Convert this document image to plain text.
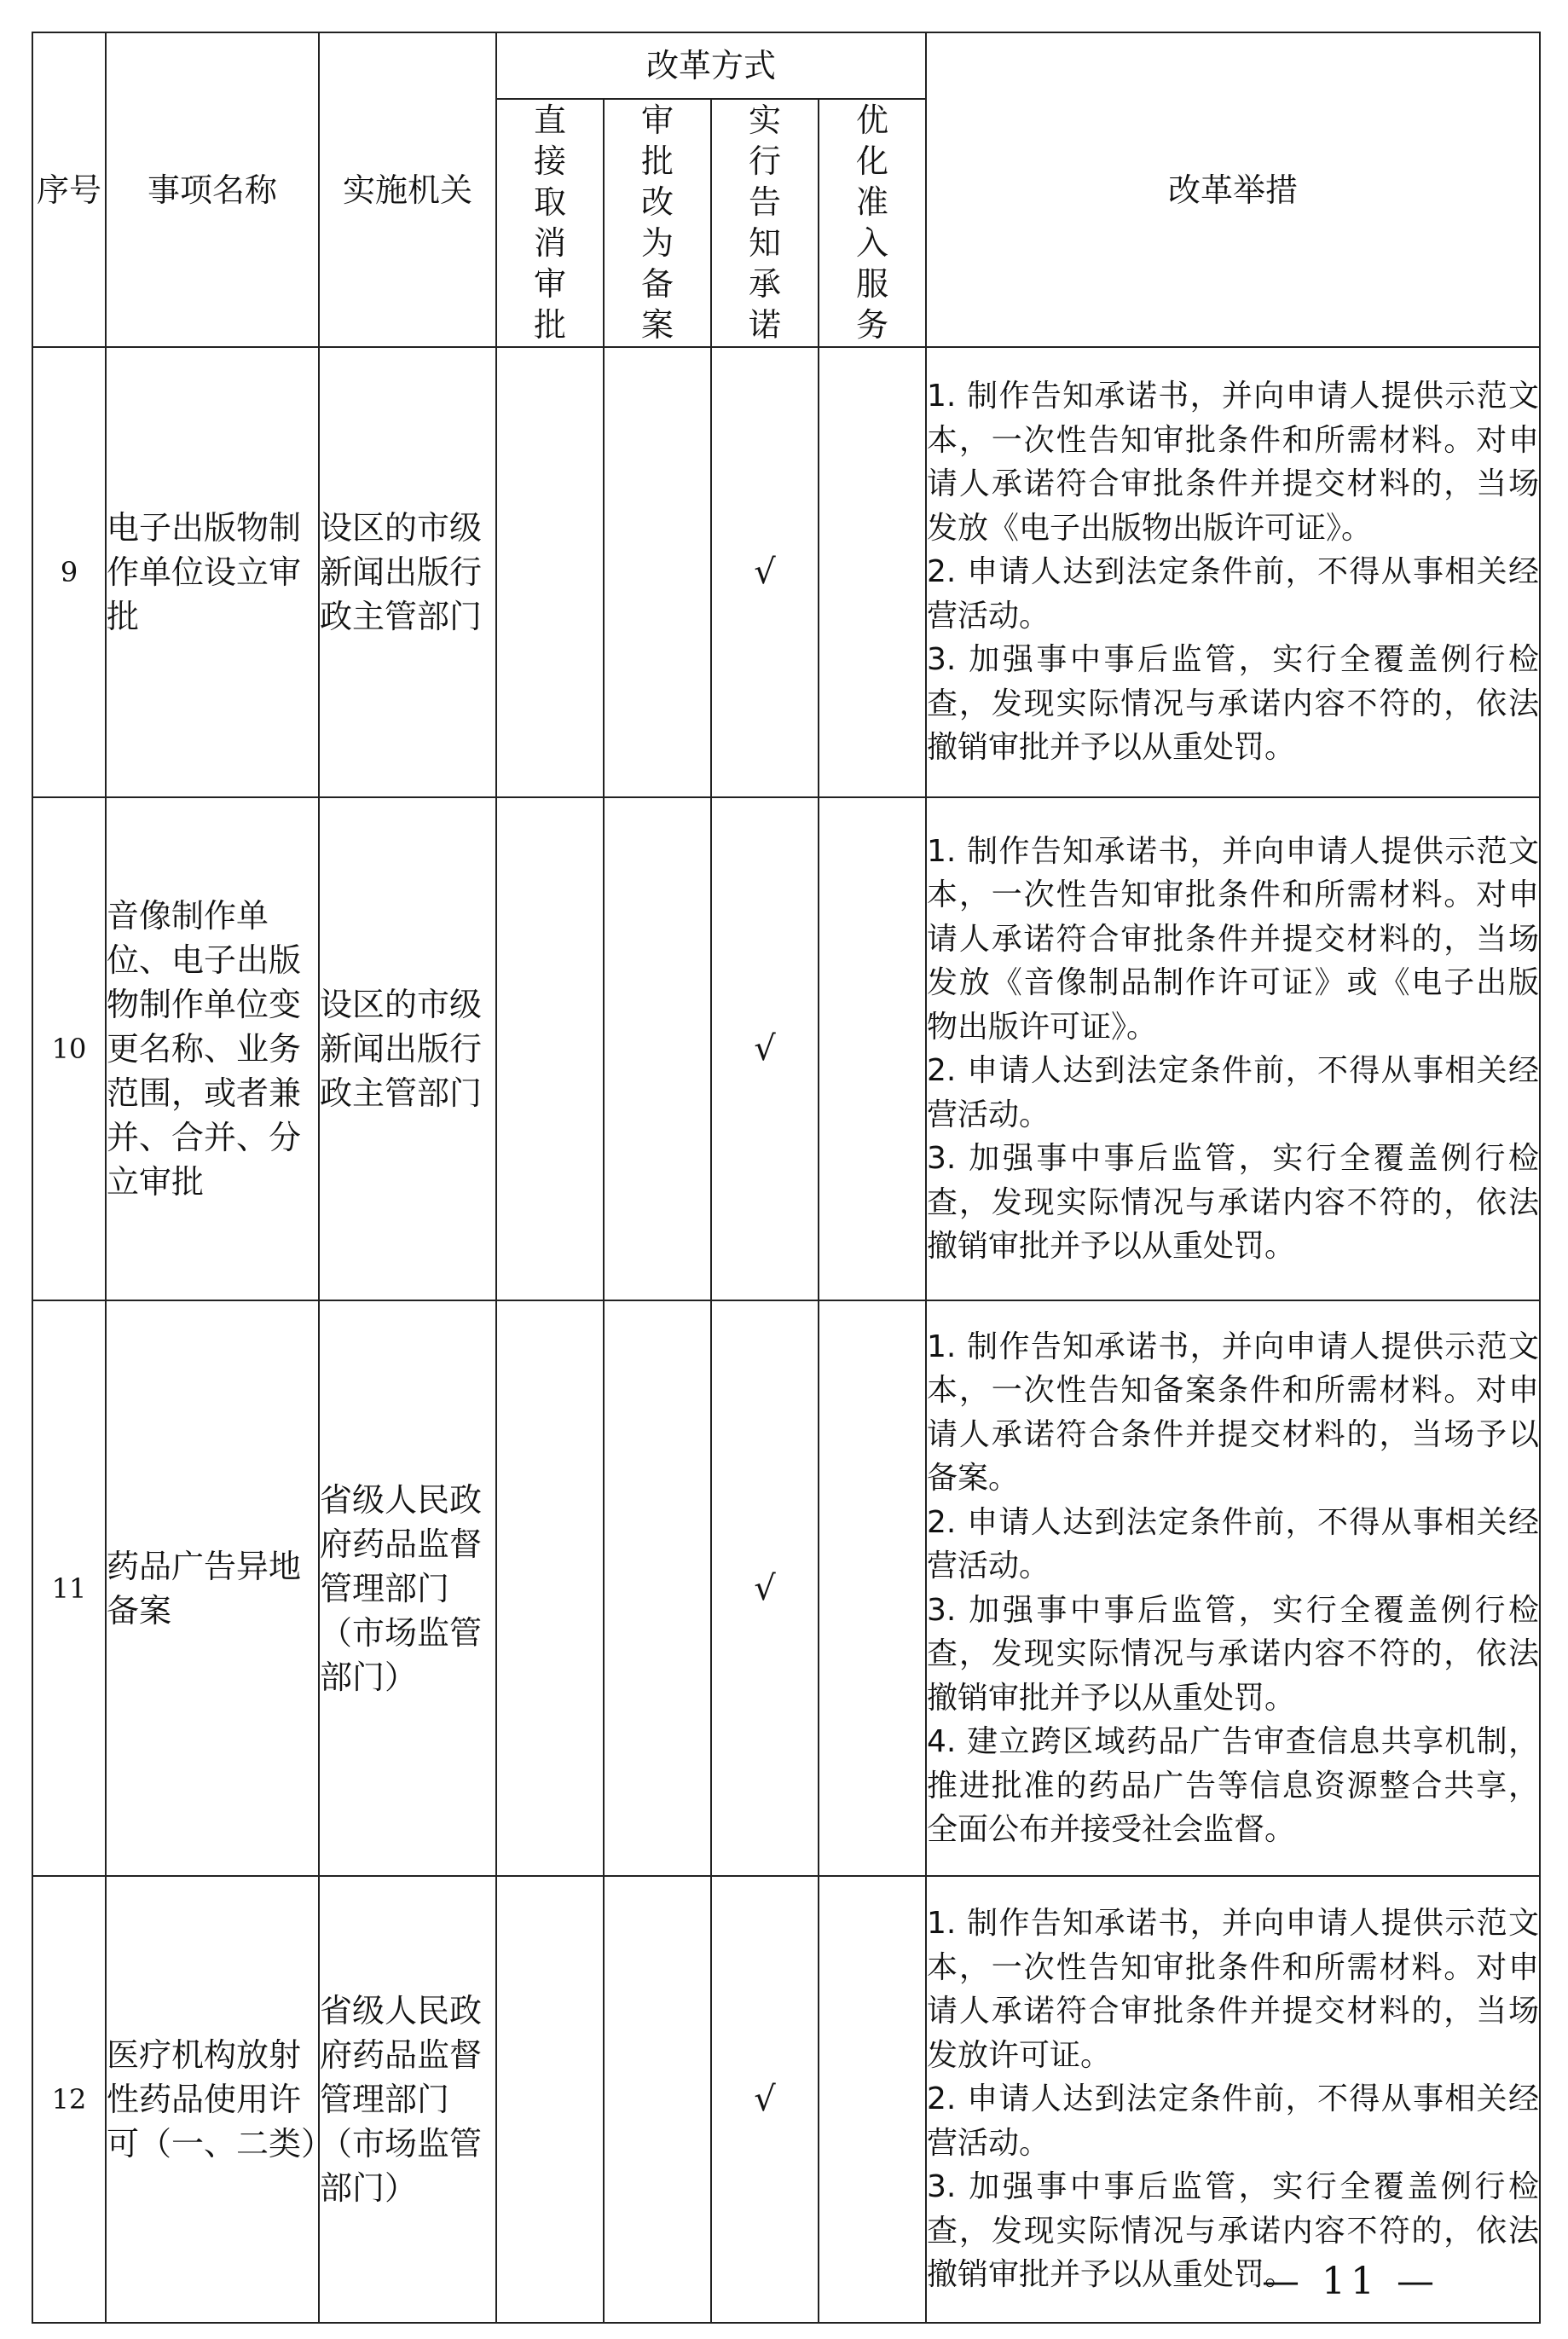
序号	事项名称	实施机关	改革方式				改革举措
			直接取消审批	审批改为备案	实行告知承诺	优化准入服务	
9	电子出版物制作单位设立审批	设区的市级新闻出版行政主管部门			√		1. 制作告知承诺书，并向申请人提供示范文本，一次性告知审批条件和所需材料。对申请人承诺符合审批条件并提交材料的，当场发放《电子出版物出版许可证》。
2. 申请人达到法定条件前，不得从事相关经营活动。
3. 加强事中事后监管，实行全覆盖例行检查，发现实际情况与承诺内容不符的，依法撤销审批并予以从重处罚。

10	音像制作单位、电子出版物制作单位变更名称、业务范围，或者兼并、合并、分立审批	设区的市级新闻出版行政主管部门			√		1. 制作告知承诺书，并向申请人提供示范文本，一次性告知审批条件和所需材料。对申请人承诺符合审批条件并提交材料的，当场发放《音像制品制作许可证》或《电子出版物出版许可证》。
2. 申请人达到法定条件前，不得从事相关经营活动。
3. 加强事中事后监管，实行全覆盖例行检查，发现实际情况与承诺内容不符的，依法撤销审批并予以从重处罚。

11	药品广告异地备案	省级人民政府药品监督管理部门（市场监管部门）			√		1. 制作告知承诺书，并向申请人提供示范文本，一次性告知备案条件和所需材料。对申请人承诺符合条件并提交材料的，当场予以备案。
2. 申请人达到法定条件前，不得从事相关经营活动。
3. 加强事中事后监管，实行全覆盖例行检查，发现实际情况与承诺内容不符的，依法撤销审批并予以从重处罚。
4. 建立跨区域药品广告审查信息共享机制，推进批准的药品广告等信息资源整合共享，全面公布并接受社会监督。

12	医疗机构放射性药品使用许可（一、二类）	省级人民政府药品监督管理部门（市场监管部门）			√		1. 制作告知承诺书，并向申请人提供示范文本，一次性告知审批条件和所需材料。对申请人承诺符合审批条件并提交材料的，当场发放许可证。
2. 申请人达到法定条件前，不得从事相关经营活动。
3. 加强事中事后监管，实行全覆盖例行检查，发现实际情况与承诺内容不符的，依法撤销审批并予以从重处罚。
— 11 —
